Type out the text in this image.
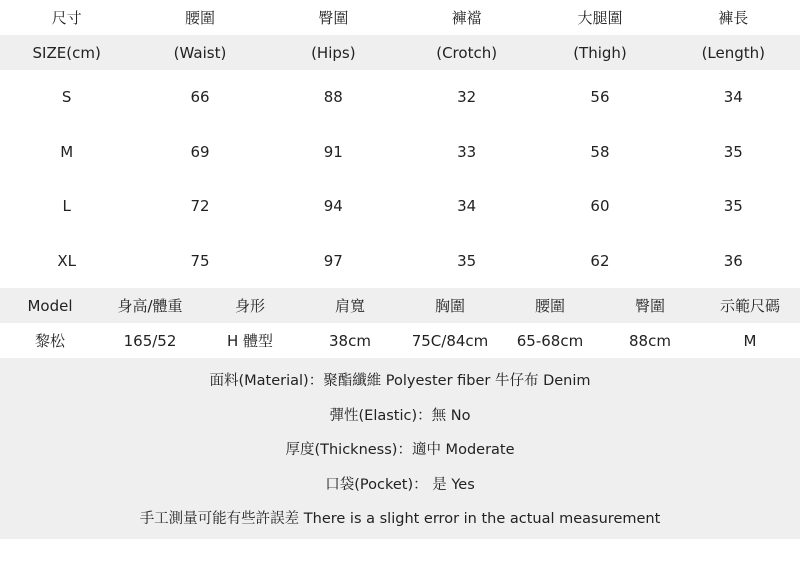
尺寸	腰圍	臀圍	褲襠	大腿圍	褲長
SIZE(cm)	(Waist)	(Hips)	(Crotch)	(Thigh)	(Length)
S	66	88	32	56	34
M	69	91	33	58	35
L	72	94	34	60	35
XL	75	97	35	62	36
Model	身高/體重	身形	肩寬	胸圍	腰圍	臀圍	示範尺碼
黎松	165/52	H 體型	38cm	75C/84cm	65-68cm	88cm	M
面料(Material)：聚酯纖維 Polyester fiber 牛仔布 Denim
彈性(Elastic)：無 No
厚度(Thickness)：適中 Moderate
口袋(Pocket)： 是 Yes
手工測量可能有些許誤差 There is a slight error in the actual measurement
